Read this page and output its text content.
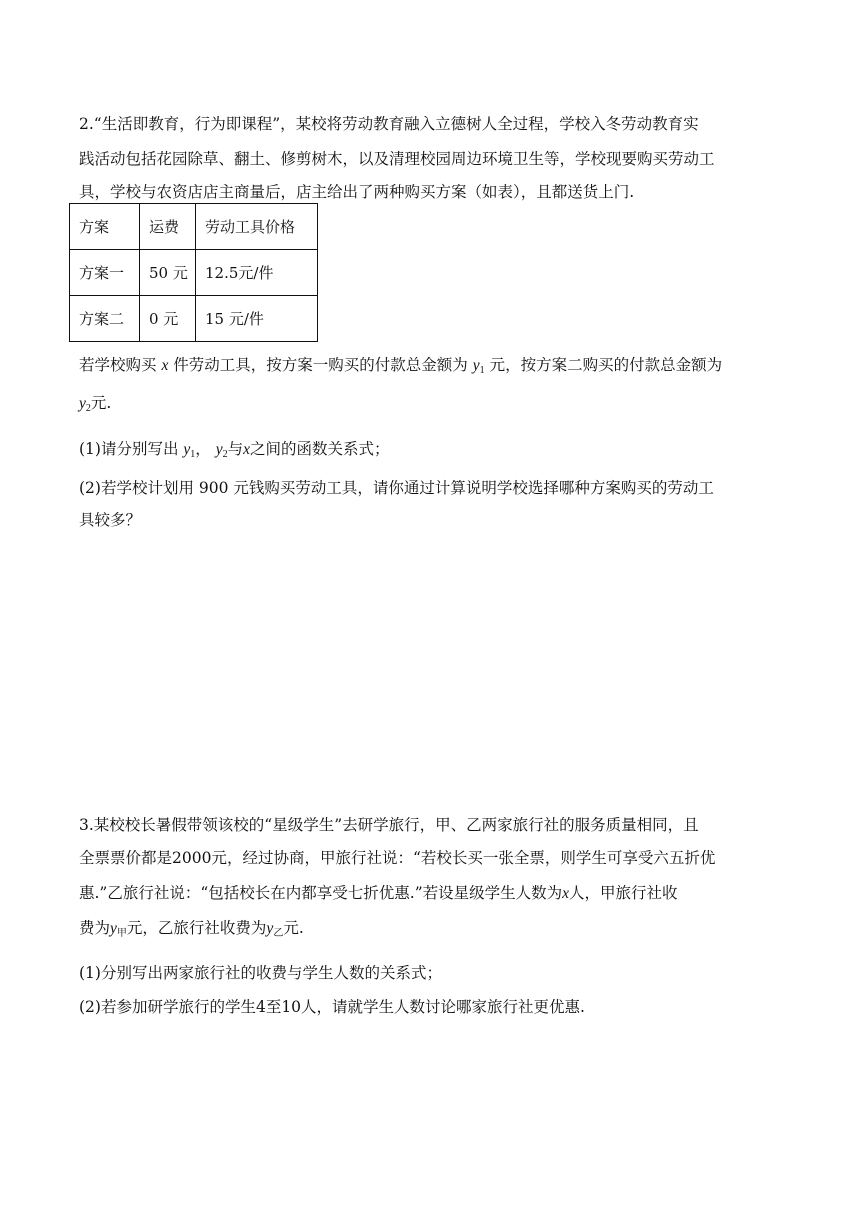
2.“生活即教育，行为即课程”，某校将劳动教育融入立德树人全过程，学校入冬劳动教育实
践活动包括花园除草、翻土、修剪树木，以及清理校园周边环境卫生等，学校现要购买劳动工
具，学校与农资店店主商量后，店主给出了两种购买方案（如表），且都送货上门.
方案	运费	劳动工具价格
方案一	50 元	12.5元/件
方案二	0 元	15 元/件
若学校购买 x 件劳动工具，按方案一购买的付款总金额为 $y_1$ 元，按方案二购买的付款总金额为
$y_2$元.
(1)请分别写出 $y_1$， $y_2$与x之间的函数关系式；
(2)若学校计划用 900 元钱购买劳动工具，请你通过计算说明学校选择哪种方案购买的劳动工
具较多？
3.某校校长暑假带领该校的“星级学生”去研学旅行，甲、乙两家旅行社的服务质量相同，且
全票票价都是2000元，经过协商，甲旅行社说：“若校长买一张全票，则学生可享受六五折优
惠.”乙旅行社说：“包括校长在内都享受七折优惠.”若设星级学生人数为x人，甲旅行社收
费为$y_甲$元，乙旅行社收费为$y_乙$元.
(1)分别写出两家旅行社的收费与学生人数的关系式；
(2)若参加研学旅行的学生4至10人，请就学生人数讨论哪家旅行社更优惠.
